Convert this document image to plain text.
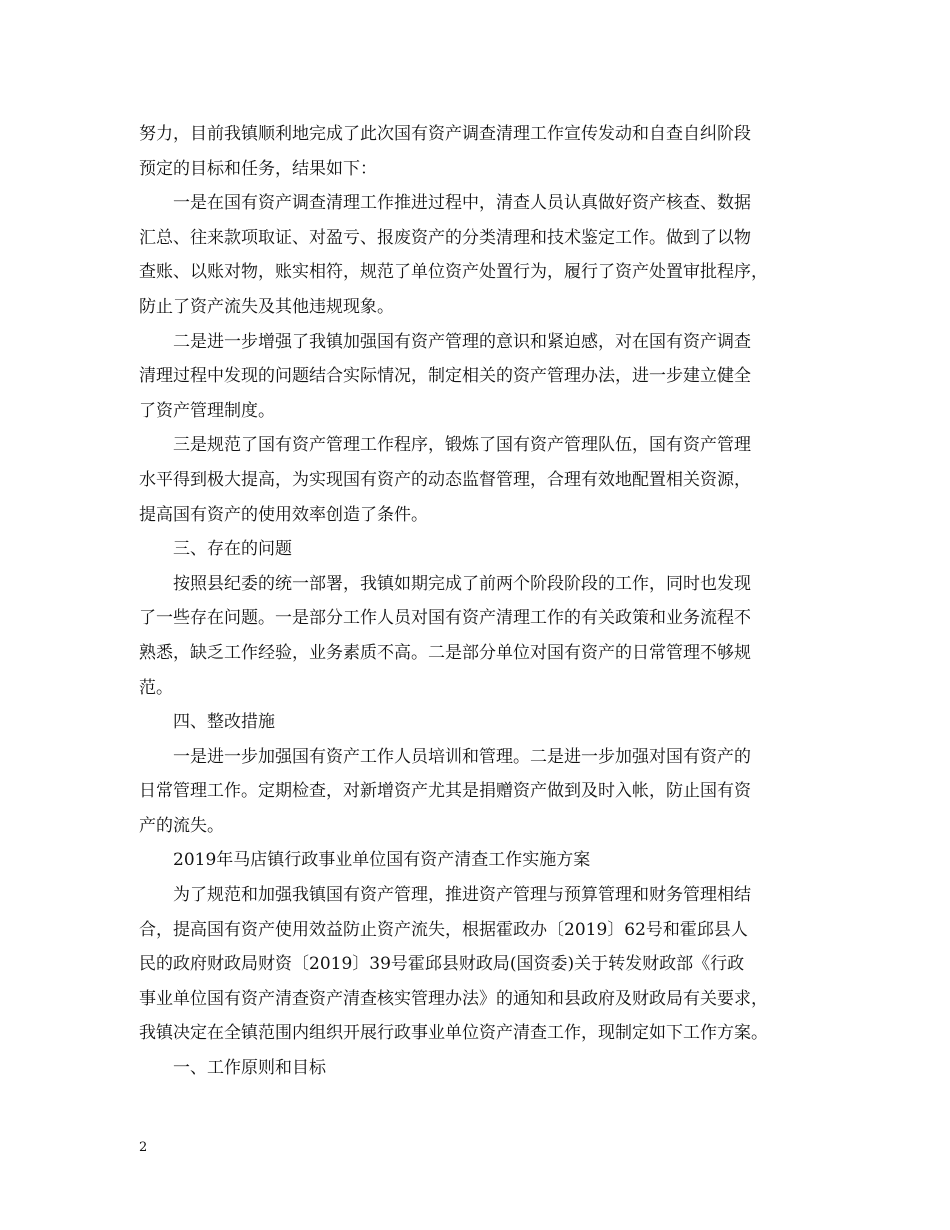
努力，目前我镇顺利地完成了此次国有资产调查清理工作宣传发动和自查自纠阶段
预定的目标和任务，结果如下：
一是在国有资产调查清理工作推进过程中，清查人员认真做好资产核查、数据
汇总、往来款项取证、对盈亏、报废资产的分类清理和技术鉴定工作。做到了以物
查账、以账对物，账实相符，规范了单位资产处置行为，履行了资产处置审批程序，
防止了资产流失及其他违规现象。
二是进一步增强了我镇加强国有资产管理的意识和紧迫感，对在国有资产调查
清理过程中发现的问题结合实际情况，制定相关的资产管理办法，进一步建立健全
了资产管理制度。
三是规范了国有资产管理工作程序，锻炼了国有资产管理队伍，国有资产管理
水平得到极大提高，为实现国有资产的动态监督管理，合理有效地配置相关资源，
提高国有资产的使用效率创造了条件。
三、存在的问题
按照县纪委的统一部署，我镇如期完成了前两个阶段阶段的工作，同时也发现
了一些存在问题。一是部分工作人员对国有资产清理工作的有关政策和业务流程不
熟悉，缺乏工作经验，业务素质不高。二是部分单位对国有资产的日常管理不够规
范。
四、整改措施
一是进一步加强国有资产工作人员培训和管理。二是进一步加强对国有资产的
日常管理工作。定期检查，对新增资产尤其是捐赠资产做到及时入帐，防止国有资
产的流失。
2019年马店镇行政事业单位国有资产清查工作实施方案
为了规范和加强我镇国有资产管理，推进资产管理与预算管理和财务管理相结
合，提高国有资产使用效益防止资产流失，根据霍政办〔2019〕62号和霍邱县人
民的政府财政局财资〔2019〕39号霍邱县财政局(国资委)关于转发财政部《行政
事业单位国有资产清查资产清查核实管理办法》的通知和县政府及财政局有关要求，
我镇决定在全镇范围内组织开展行政事业单位资产清查工作，现制定如下工作方案。
一、工作原则和目标
2
